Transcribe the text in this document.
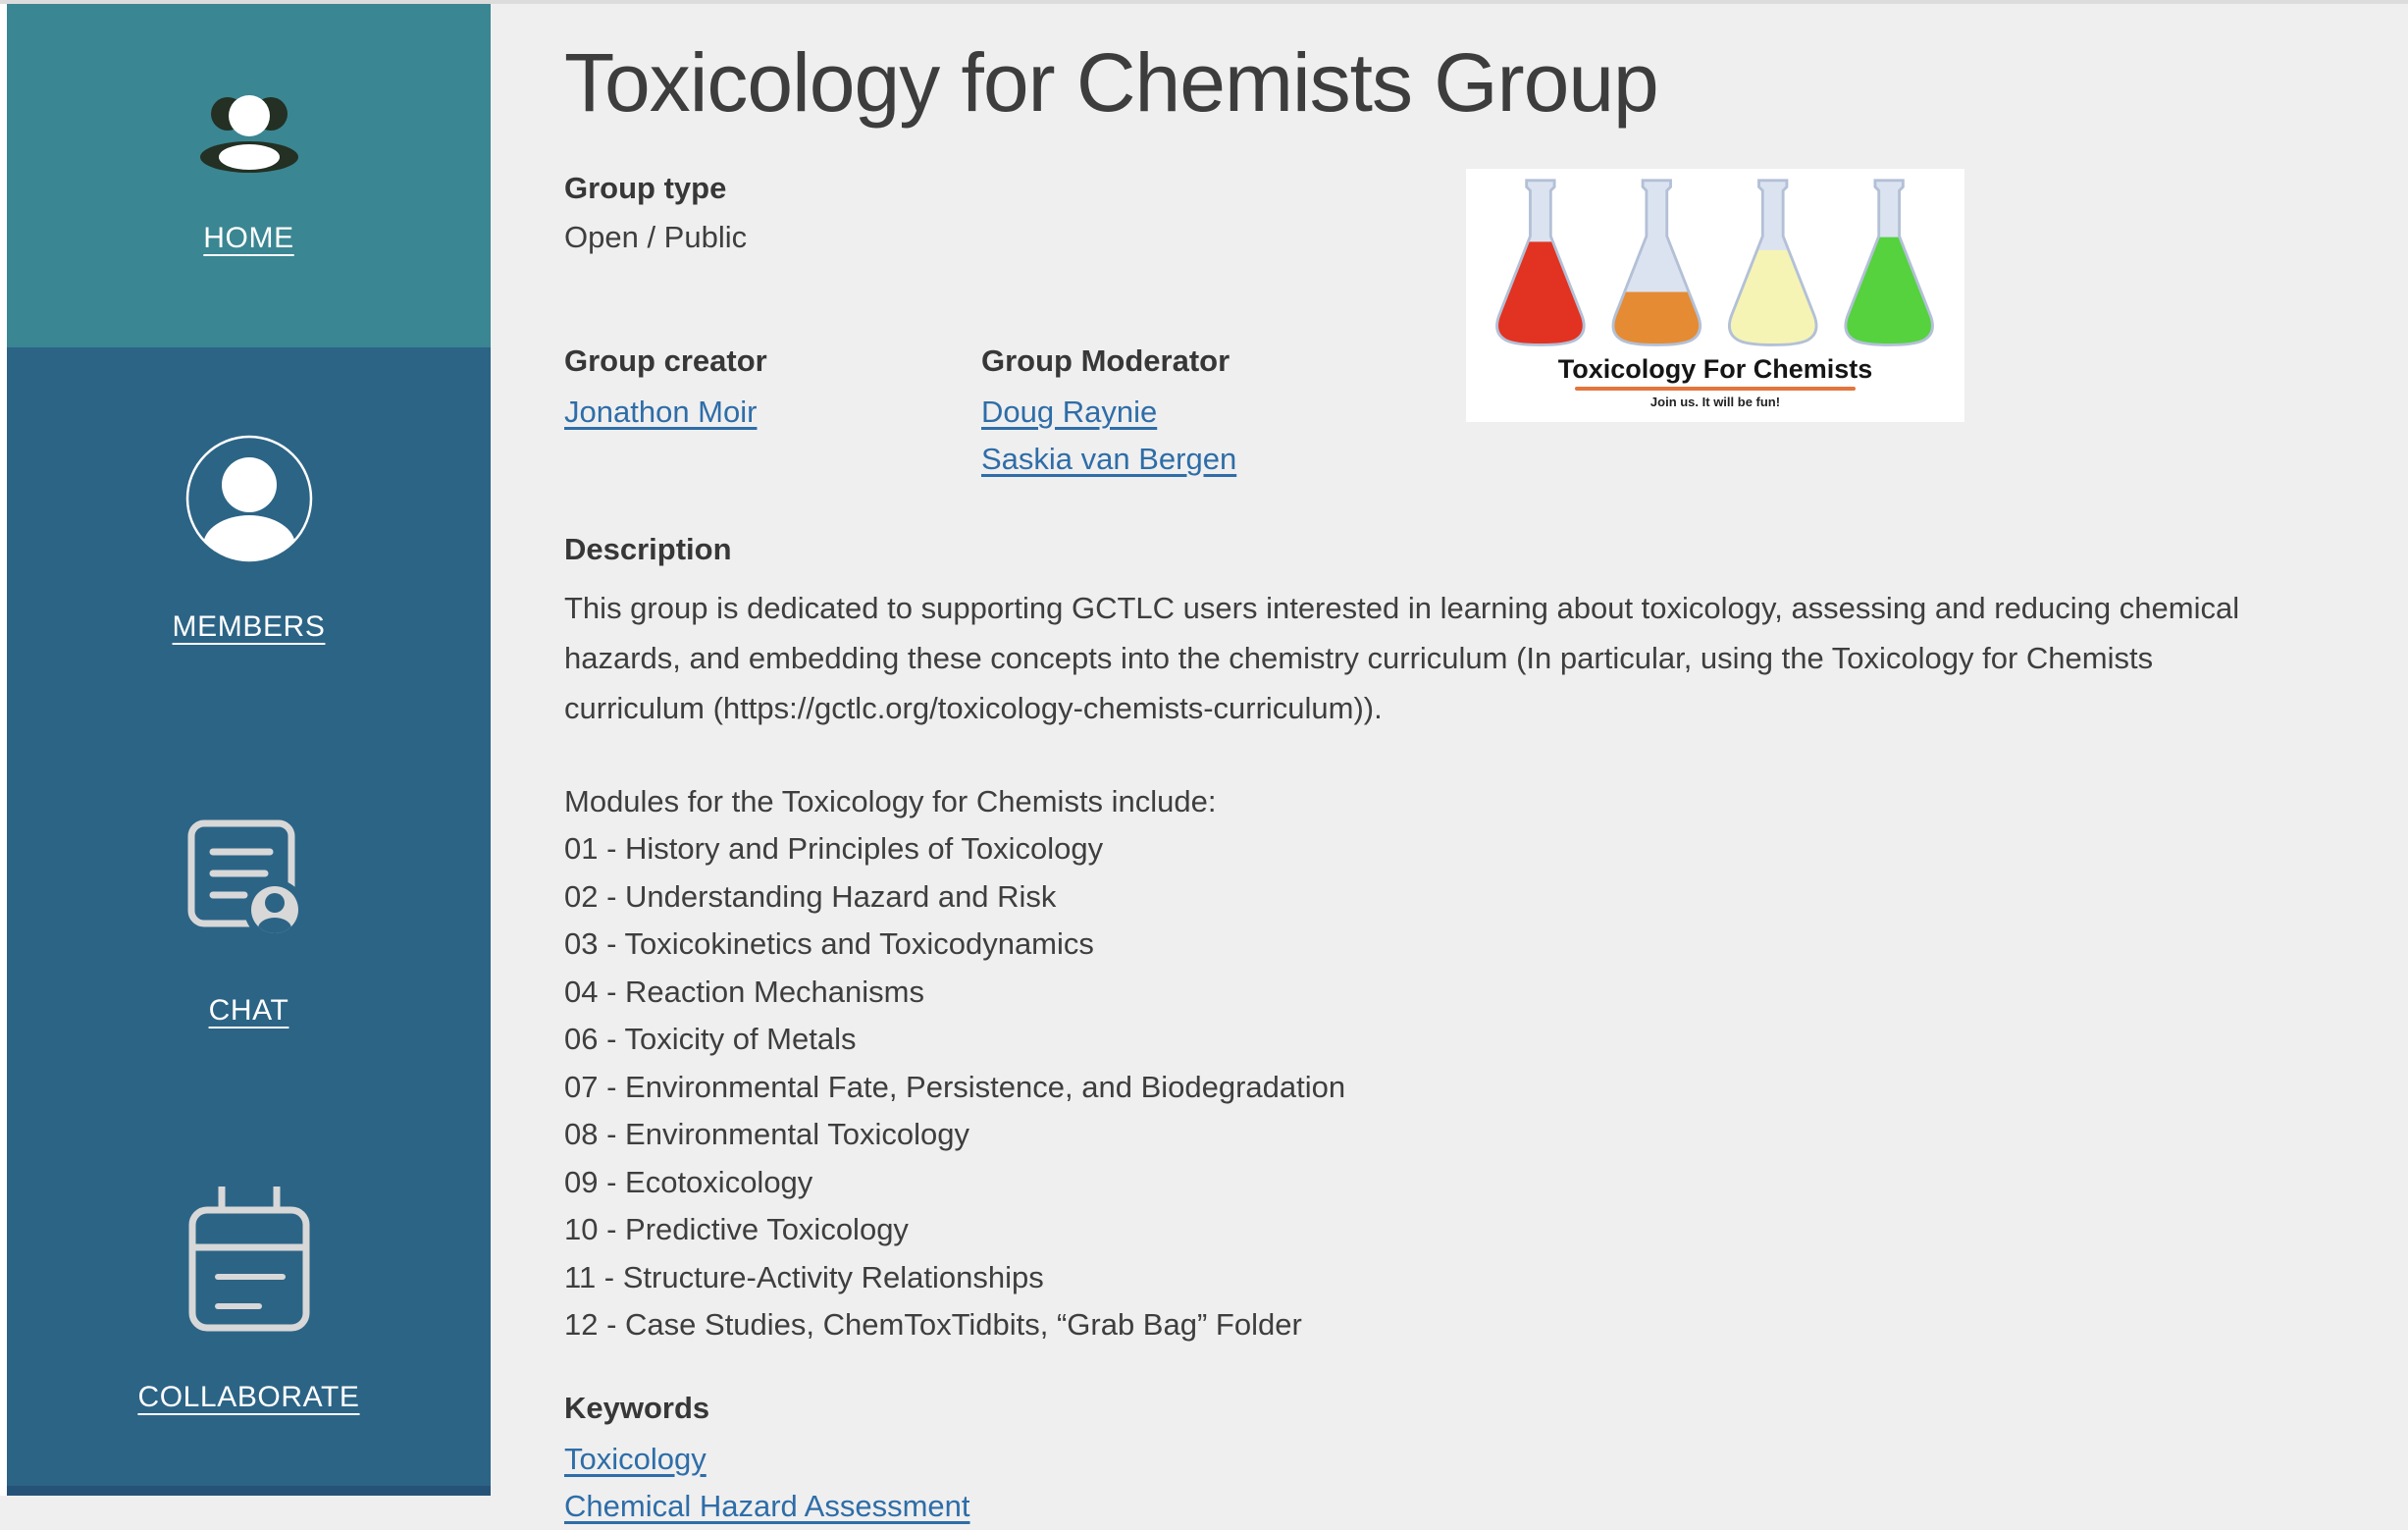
HOME
MEMBERS
CHAT
COLLABORATE
Toxicology for Chemists Group
Group type
Open / Public
Group creator
Jonathon Moir
Group Moderator
Doug Raynie
Saskia van Bergen
Toxicology For Chemists
Join us. It will be fun!
Description

This group is dedicated to supporting GCTLC users interested in learning about toxicology, assessing and reducing chemical hazards, and embedding these concepts into the chemistry curriculum (In particular, using the Toxicology for Chemists curriculum (https://gctlc.org/toxicology-chemists-curriculum)).

Modules for the Toxicology for Chemists include:
01 - History and Principles of Toxicology
02 - Understanding Hazard and Risk
03 - Toxicokinetics and Toxicodynamics
04 - Reaction Mechanisms
06 - Toxicity of Metals
07 - Environmental Fate, Persistence, and Biodegradation
08 - Environmental Toxicology
09 - Ecotoxicology
10 - Predictive Toxicology
11 - Structure-Activity Relationships
12 - Case Studies, ChemToxTidbits, “Grab Bag” Folder
Keywords
Toxicology
Chemical Hazard Assessment
